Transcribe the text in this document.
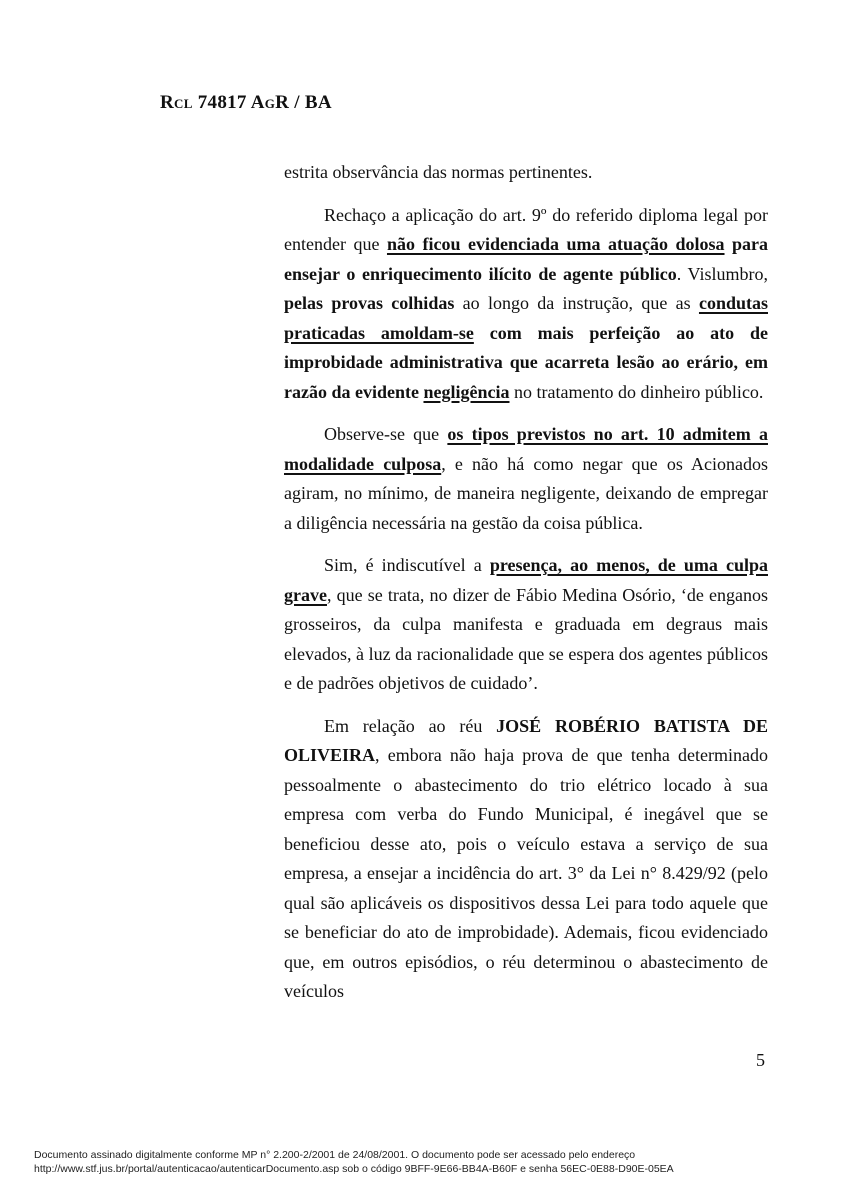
Rcl 74817 AgR / BA

estrita observância das normas pertinentes.

Rechaço a aplicação do art. 9º do referido diploma legal por entender que não ficou evidenciada uma atuação dolosa para ensejar o enriquecimento ilícito de agente público. Vislumbro, pelas provas colhidas ao longo da instrução, que as condutas praticadas amoldam-se com mais perfeição ao ato de improbidade administrativa que acarreta lesão ao erário, em razão da evidente negligência no tratamento do dinheiro público.

Observe-se que os tipos previstos no art. 10 admitem a modalidade culposa, e não há como negar que os Acionados agiram, no mínimo, de maneira negligente, deixando de empregar a diligência necessária na gestão da coisa pública.

Sim, é indiscutível a presença, ao menos, de uma culpa grave, que se trata, no dizer de Fábio Medina Osório, ‘de enganos grosseiros, da culpa manifesta e graduada em degraus mais elevados, à luz da racionalidade que se espera dos agentes públicos e de padrões objetivos de cuidado’.

Em relação ao réu JOSÉ ROBÉRIO BATISTA DE OLIVEIRA, embora não haja prova de que tenha determinado pessoalmente o abastecimento do trio elétrico locado à sua empresa com verba do Fundo Municipal, é inegável que se beneficiou desse ato, pois o veículo estava a serviço de sua empresa, a ensejar a incidência do art. 3° da Lei n° 8.429/92 (pelo qual são aplicáveis os dispositivos dessa Lei para todo aquele que se beneficiar do ato de improbidade). Ademais, ficou evidenciado que, em outros episódios, o réu determinou o abastecimento de veículos

5
Documento assinado digitalmente conforme MP n° 2.200-2/2001 de 24/08/2001. O documento pode ser acessado pelo endereço
http://www.stf.jus.br/portal/autenticacao/autenticarDocumento.asp sob o código 9BFF-9E66-BB4A-B60F e senha 56EC-0E88-D90E-05EA
